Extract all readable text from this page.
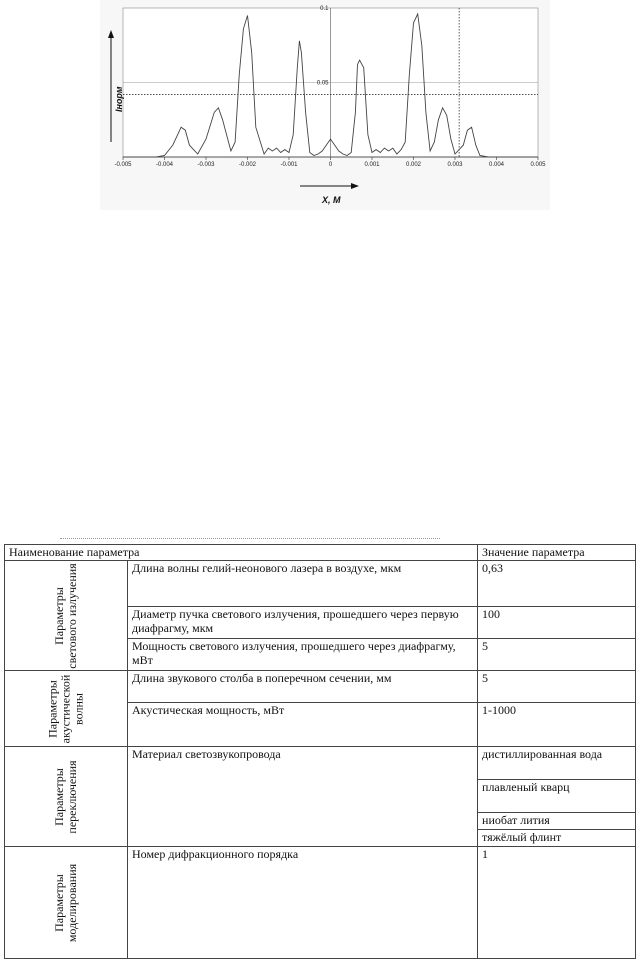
-0.005	-0.004	-0.003	-0.002	-0.001	0	0.001	0.002	0.003	0.004	0.005
0.05
0.1
Iнорм
X, M
Наименование параметра		Значение параметра

Параметры светового излучения	Длина волны гелий-неонового лазера в воздухе, мкм	0,63
	Диаметр пучка светового излучения, прошедшего через первую диафрагму, мкм	100
	Мощность светового излучения, прошедшего через диафрагму, мВт	5

Параметры акустической волны	Длина звукового столба в поперечном сечении, мм	5
	Акустическая мощность, мВт	1-1000

Параметры переключения	Материал светозвукопровода	дистиллированная вода
плавленый кварц
ниобат лития
тяжёлый флинт

Параметры моделирования	Номер дифракционного порядка	1
